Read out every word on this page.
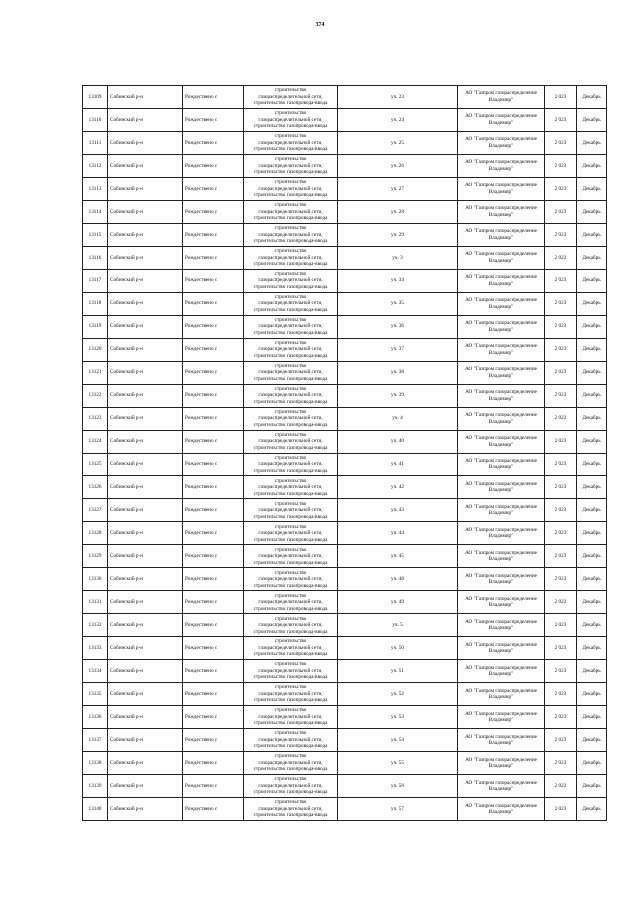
374
13109	Собинский р-н	Рождествено с	строительство
газораспределительной сети,
строительство газопровода-ввода	уч. 23	АО "Газпром газораспределение
Владимир"	2 023	Декабрь
13110	Собинский р-н	Рождествено с	строительство
газораспределительной сети,
строительство газопровода-ввода	уч. 24	АО "Газпром газораспределение
Владимир"	2 023	Декабрь
13111	Собинский р-н	Рождествено с	строительство
газораспределительной сети,
строительство газопровода-ввода	уч. 25	АО "Газпром газораспределение
Владимир"	2 023	Декабрь
13112	Собинский р-н	Рождествено с	строительство
газораспределительной сети,
строительство газопровода-ввода	уч. 26	АО "Газпром газораспределение
Владимир"	2 023	Декабрь
13113	Собинский р-н	Рождествено с	строительство
газораспределительной сети,
строительство газопровода-ввода	уч. 27	АО "Газпром газораспределение
Владимир"	2 023	Декабрь
13114	Собинский р-н	Рождествено с	строительство
газораспределительной сети,
строительство газопровода-ввода	уч. 28	АО "Газпром газораспределение
Владимир"	2 023	Декабрь
13115	Собинский р-н	Рождествено с	строительство
газораспределительной сети,
строительство газопровода-ввода	уч. 29	АО "Газпром газораспределение
Владимир"	2 023	Декабрь
13116	Собинский р-н	Рождествено с	строительство
газораспределительной сети,
строительство газопровода-ввода	уч. 3	АО "Газпром газораспределение
Владимир"	2 023	Декабрь
13117	Собинский р-н	Рождествено с	строительство
газораспределительной сети,
строительство газопровода-ввода	уч. 34	АО "Газпром газораспределение
Владимир"	2 023	Декабрь
13118	Собинский р-н	Рождествено с	строительство
газораспределительной сети,
строительство газопровода-ввода	уч. 35	АО "Газпром газораспределение
Владимир"	2 023	Декабрь
13119	Собинский р-н	Рождествено с	строительство
газораспределительной сети,
строительство газопровода-ввода	уч. 36	АО "Газпром газораспределение
Владимир"	2 023	Декабрь
13120	Собинский р-н	Рождествено с	строительство
газораспределительной сети,
строительство газопровода-ввода	уч. 37	АО "Газпром газораспределение
Владимир"	2 023	Декабрь
13121	Собинский р-н	Рождествено с	строительство
газораспределительной сети,
строительство газопровода-ввода	уч. 38	АО "Газпром газораспределение
Владимир"	2 023	Декабрь
13122	Собинский р-н	Рождествено с	строительство
газораспределительной сети,
строительство газопровода-ввода	уч. 39	АО "Газпром газораспределение
Владимир"	2 023	Декабрь
13123	Собинский р-н	Рождествено с	строительство
газораспределительной сети,
строительство газопровода-ввода	уч. 4	АО "Газпром газораспределение
Владимир"	2 023	Декабрь
13124	Собинский р-н	Рождествено с	строительство
газораспределительной сети,
строительство газопровода-ввода	уч. 40	АО "Газпром газораспределение
Владимир"	2 023	Декабрь
13125	Собинский р-н	Рождествено с	строительство
газораспределительной сети,
строительство газопровода-ввода	уч. 41	АО "Газпром газораспределение
Владимир"	2 023	Декабрь
13126	Собинский р-н	Рождествено с	строительство
газораспределительной сети,
строительство газопровода-ввода	уч. 42	АО "Газпром газораспределение
Владимир"	2 023	Декабрь
13127	Собинский р-н	Рождествено с	строительство
газораспределительной сети,
строительство газопровода-ввода	уч. 43	АО "Газпром газораспределение
Владимир"	2 023	Декабрь
13128	Собинский р-н	Рождествено с	строительство
газораспределительной сети,
строительство газопровода-ввода	уч. 44	АО "Газпром газораспределение
Владимир"	2 023	Декабрь
13129	Собинский р-н	Рождествено с	строительство
газораспределительной сети,
строительство газопровода-ввода	уч. 45	АО "Газпром газораспределение
Владимир"	2 023	Декабрь
13130	Собинский р-н	Рождествено с	строительство
газораспределительной сети,
строительство газопровода-ввода	уч. 48	АО "Газпром газораспределение
Владимир"	2 023	Декабрь
13131	Собинский р-н	Рождествено с	строительство
газораспределительной сети,
строительство газопровода-ввода	уч. 49	АО "Газпром газораспределение
Владимир"	2 023	Декабрь
13132	Собинский р-н	Рождествено с	строительство
газораспределительной сети,
строительство газопровода-ввода	уч. 5	АО "Газпром газораспределение
Владимир"	2 023	Декабрь
13133	Собинский р-н	Рождествено с	строительство
газораспределительной сети,
строительство газопровода-ввода	уч. 50	АО "Газпром газораспределение
Владимир"	2 023	Декабрь
13134	Собинский р-н	Рождествено с	строительство
газораспределительной сети,
строительство газопровода-ввода	уч. 51	АО "Газпром газораспределение
Владимир"	2 023	Декабрь
13135	Собинский р-н	Рождествено с	строительство
газораспределительной сети,
строительство газопровода-ввода	уч. 52	АО "Газпром газораспределение
Владимир"	2 023	Декабрь
13136	Собинский р-н	Рождествено с	строительство
газораспределительной сети,
строительство газопровода-ввода	уч. 53	АО "Газпром газораспределение
Владимир"	2 023	Декабрь
13137	Собинский р-н	Рождествено с	строительство
газораспределительной сети,
строительство газопровода-ввода	уч. 54	АО "Газпром газораспределение
Владимир"	2 023	Декабрь
13138	Собинский р-н	Рождествено с	строительство
газораспределительной сети,
строительство газопровода-ввода	уч. 55	АО "Газпром газораспределение
Владимир"	2 023	Декабрь
13139	Собинский р-н	Рождествено с	строительство
газораспределительной сети,
строительство газопровода-ввода	уч. 56	АО "Газпром газораспределение
Владимир"	2 023	Декабрь
13140	Собинский р-н	Рождествено с	строительство
газораспределительной сети,
строительство газопровода-ввода	уч. 57	АО "Газпром газораспределение
Владимир"	2 023	Декабрь
